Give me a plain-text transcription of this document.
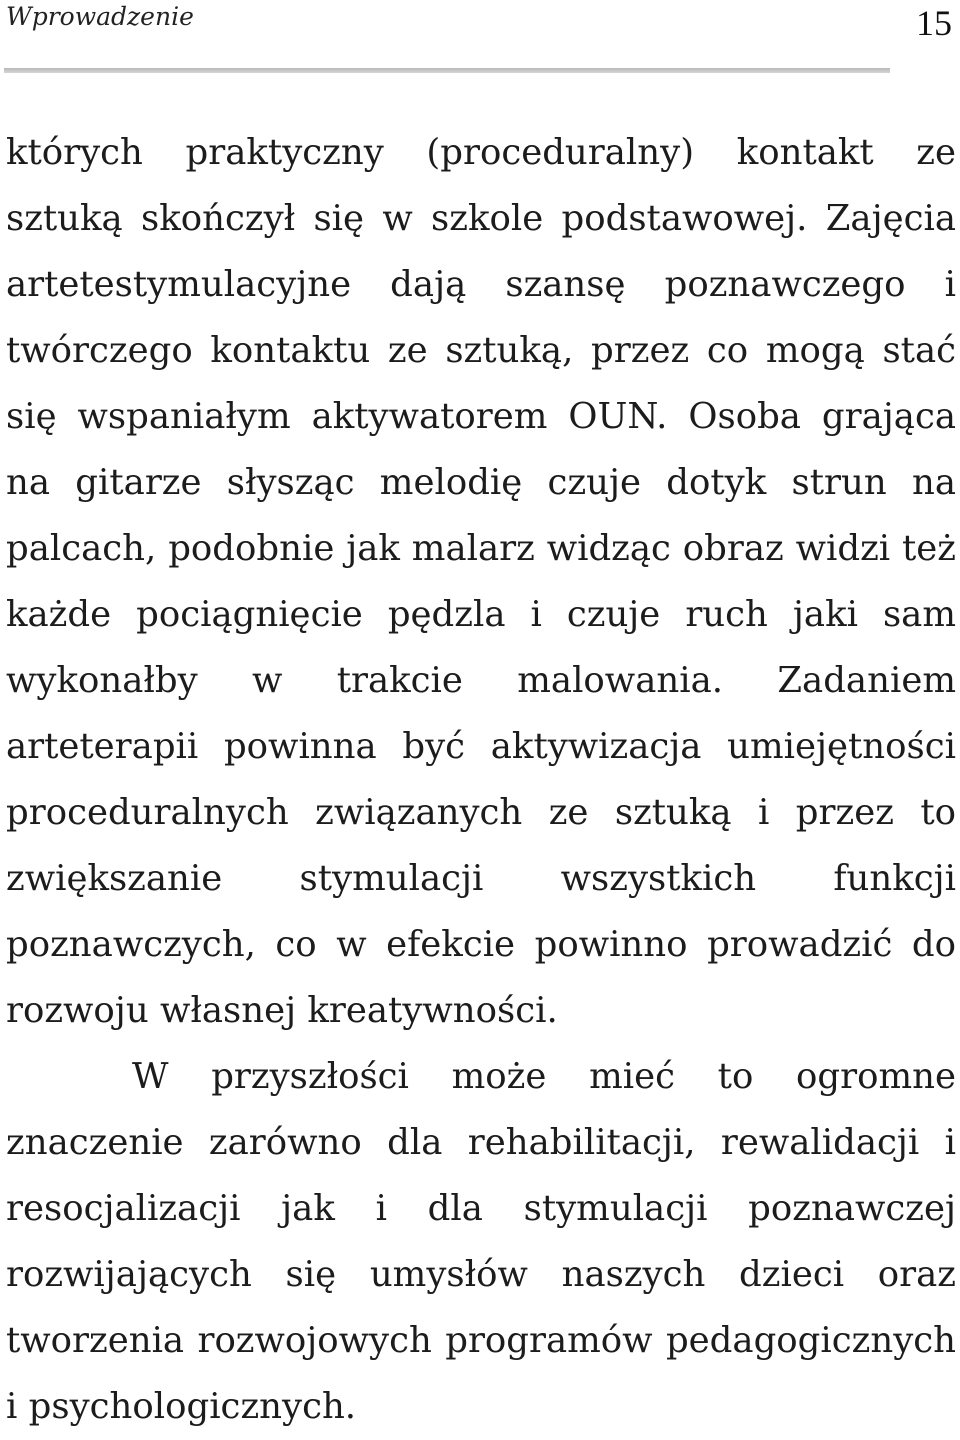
Wprowadzenie	15

których praktyczny (proceduralny) kontakt ze sztuką skończył się w szkole podstawowej. Zajęcia artetestymulacyjne dają szansę poznawczego i twórczego kontaktu ze sztuką, przez co mogą stać się wspaniałym aktywatorem OUN. Osoba grająca na gitarze słysząc melodię czuje dotyk strun na palcach, podobnie jak malarz widząc obraz widzi też każde pociągnięcie pędzla i czuje ruch jaki sam wykonałby w trakcie malowania. Zadaniem arteterapii powinna być aktywizacja umiejętności proceduralnych związanych ze sztuką i przez to zwiększanie stymulacji wszystkich funkcji poznawczych, co w efekcie powinno prowadzić do rozwoju własnej kreatywności.

W przyszłości może mieć to ogromne znaczenie zarówno dla rehabilitacji, rewalidacji i resocjalizacji jak i dla stymulacji poznawczej rozwijających się umysłów naszych dzieci oraz tworzenia rozwojowych programów pedagogicznych i psychologicznych.
